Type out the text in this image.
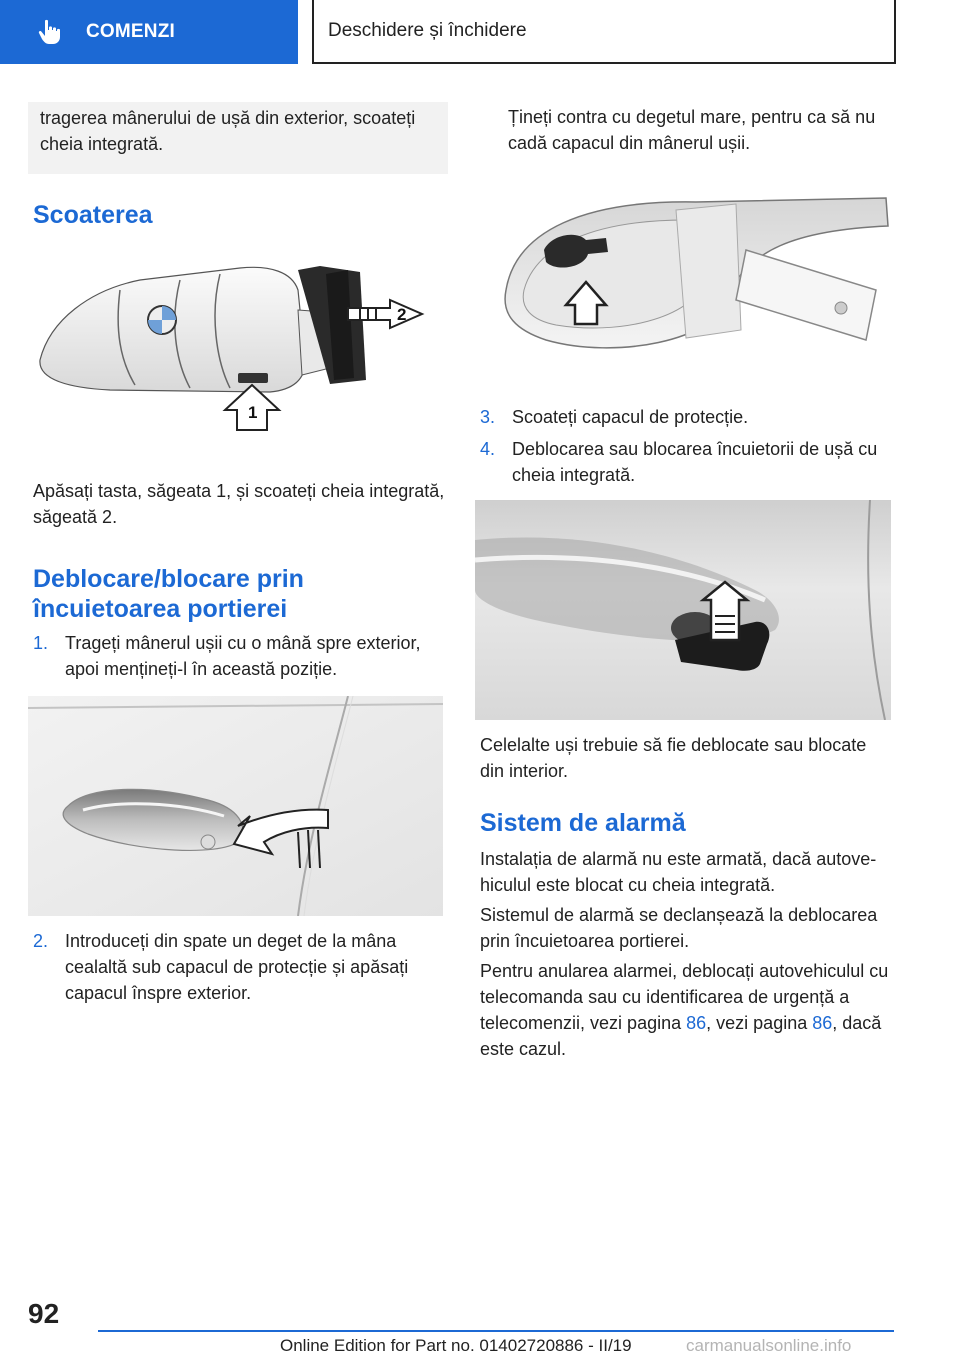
COMENZI	Deschidere și închidere
tragerea mânerului de ușă din exterior, scoateți cheia integrată.
Scoaterea
2
1
Apăsați tasta, săgeata 1, și scoateți cheia integrată, săgeată 2.
Deblocare/blocare prin
încuietoarea portierei
1. Trageți mânerul ușii cu o mână spre exterior, apoi mențineți-l în această poziție.
2. Introduceți din spate un deget de la mâna cealaltă sub capacul de protecție și apăsați capacul înspre exterior.
Țineți contra cu degetul mare, pentru ca să nu cadă capacul din mânerul ușii.
3. Scoateți capacul de protecție.
4. Deblocarea sau blocarea încuietorii de ușă cu cheia integrată.
Celelalte uși trebuie să fie deblocate sau blocate din interior.
Sistem de alarmă
Instalația de alarmă nu este armată, dacă autovehiculul este blocat cu cheia integrată.
Sistemul de alarmă se declanșează la deblocarea prin încuietoarea portierei.
Pentru anularea alarmei, deblocați autovehiculul cu telecomanda sau cu identificarea de urgență a telecomenzii, vezi pagina 86, vezi pagina 86, dacă este cazul.
92
Online Edition for Part no. 01402720886 - II/19	carmanualsonline.info
